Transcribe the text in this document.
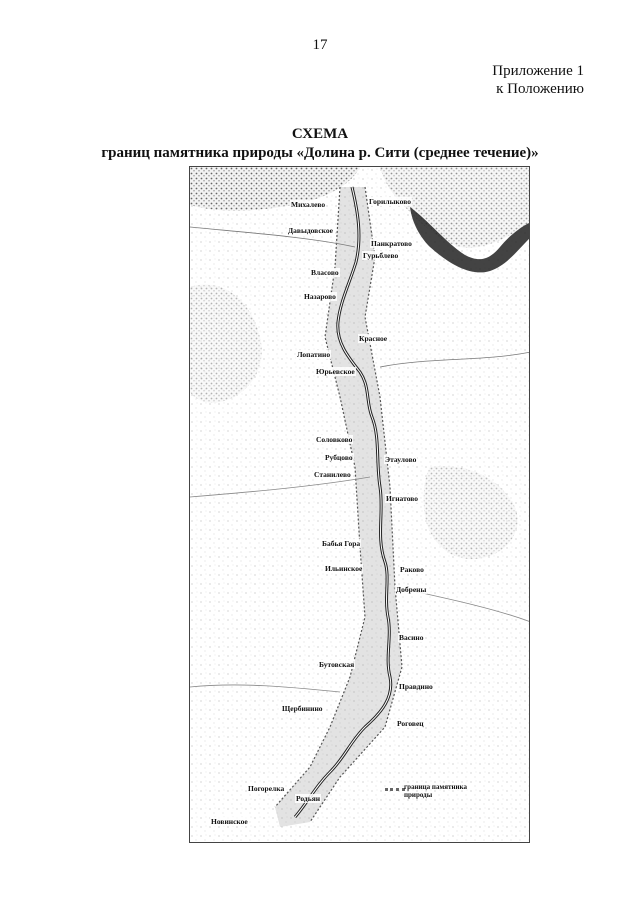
17
Приложение 1
к Положению
СХЕМА
границ памятника природы «Долина р. Сити (среднее течение)»
Михалево	Горилыково
Давыдовское
Панкратово
Гурьблево
Власово
Назарово
Красное
Лопатино
Юрьевское
Соловково
Рубцово	Этаулово
Станилево
Игнатово
Бабья Гора
Ильинское	Раково
Добрены
Васино
Бутовская
Правдино
Щербинино
Роговец
Погорелка
Родьян
Новинское
граница памятника
природы
